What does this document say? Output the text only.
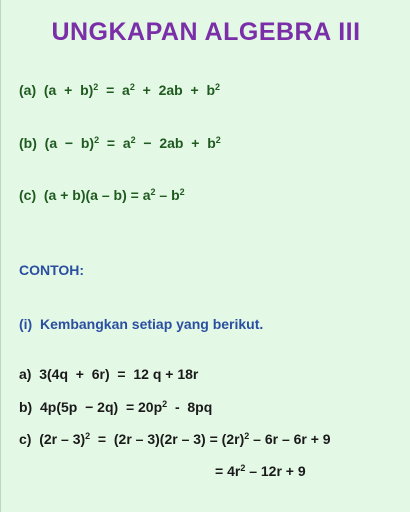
UNGKAPAN ALGEBRA III
(a)  $(a + b)^2 = a^2 + 2ab + b^2$
(b)  $(a - b)^2 = a^2 - 2ab + b^2$
(c)  $(a + b)(a - b) = a^2 - b^2$
CONTOH:
(i)  Kembangkan setiap yang berikut.
a)  3(4q  +  6r)  =  12 q + 18r
b)  $4p(5p - 2q) = 20p^2 - 8pq$
c)  $(2r - 3)^2 = (2r - 3)(2r - 3) = (2r)^2 - 6r - 6r + 9$
= $4r^2 - 12r + 9$
